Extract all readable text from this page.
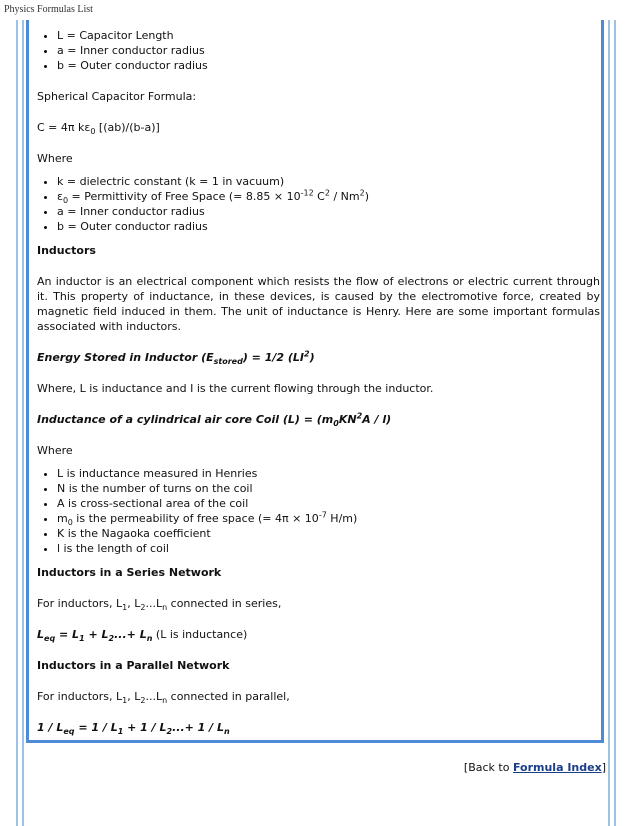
Physics Formulas List
• L = Capacitor Length
• a = Inner conductor radius
• b = Outer conductor radius

Spherical Capacitor Formula:

C = 4π $k\varepsilon_0$ [(ab)/(b-a)]

Where

• k = dielectric constant (k = 1 in vacuum)
• $\varepsilon_0$ = Permittivity of Free Space (= $8.85 \times 10^{-12}$ $C^2 / Nm^2$)
• a = Inner conductor radius
• b = Outer conductor radius

Inductors

An inductor is an electrical component which resists the flow of electrons or electric current through it. This property of inductance, in these devices, is caused by the electromotive force, created by magnetic field induced in them. The unit of inductance is Henry. Here are some important formulas associated with inductors.

Energy Stored in Inductor $(E_{stored}) = 1/2$ $(LI^2)$

Where, L is inductance and I is the current flowing through the inductor.

Inductance of a cylindrical air core Coil $(L) = (m_0KN^2A / l)$

Where

• L is inductance measured in Henries
• N is the number of turns on the coil
• A is cross-sectional area of the coil
• $m_0$ is the permeability of free space (= $4\pi \times 10^{-7}$ H/m)
• K is the Nagaoka coefficient
• l is the length of coil

Inductors in a Series Network

For inductors, $L_1$, $L_2...L_n$ connected in series,

$L_{eq} = L_1 + L_2...+ L_n$ (L is inductance)

Inductors in a Parallel Network

For inductors, $L_1$, $L_2...L_n$ connected in parallel,

$1 / L_{eq} = 1 / L_1 + 1 / L_2...+ 1 / L_n$

[Back to Formula Index]
